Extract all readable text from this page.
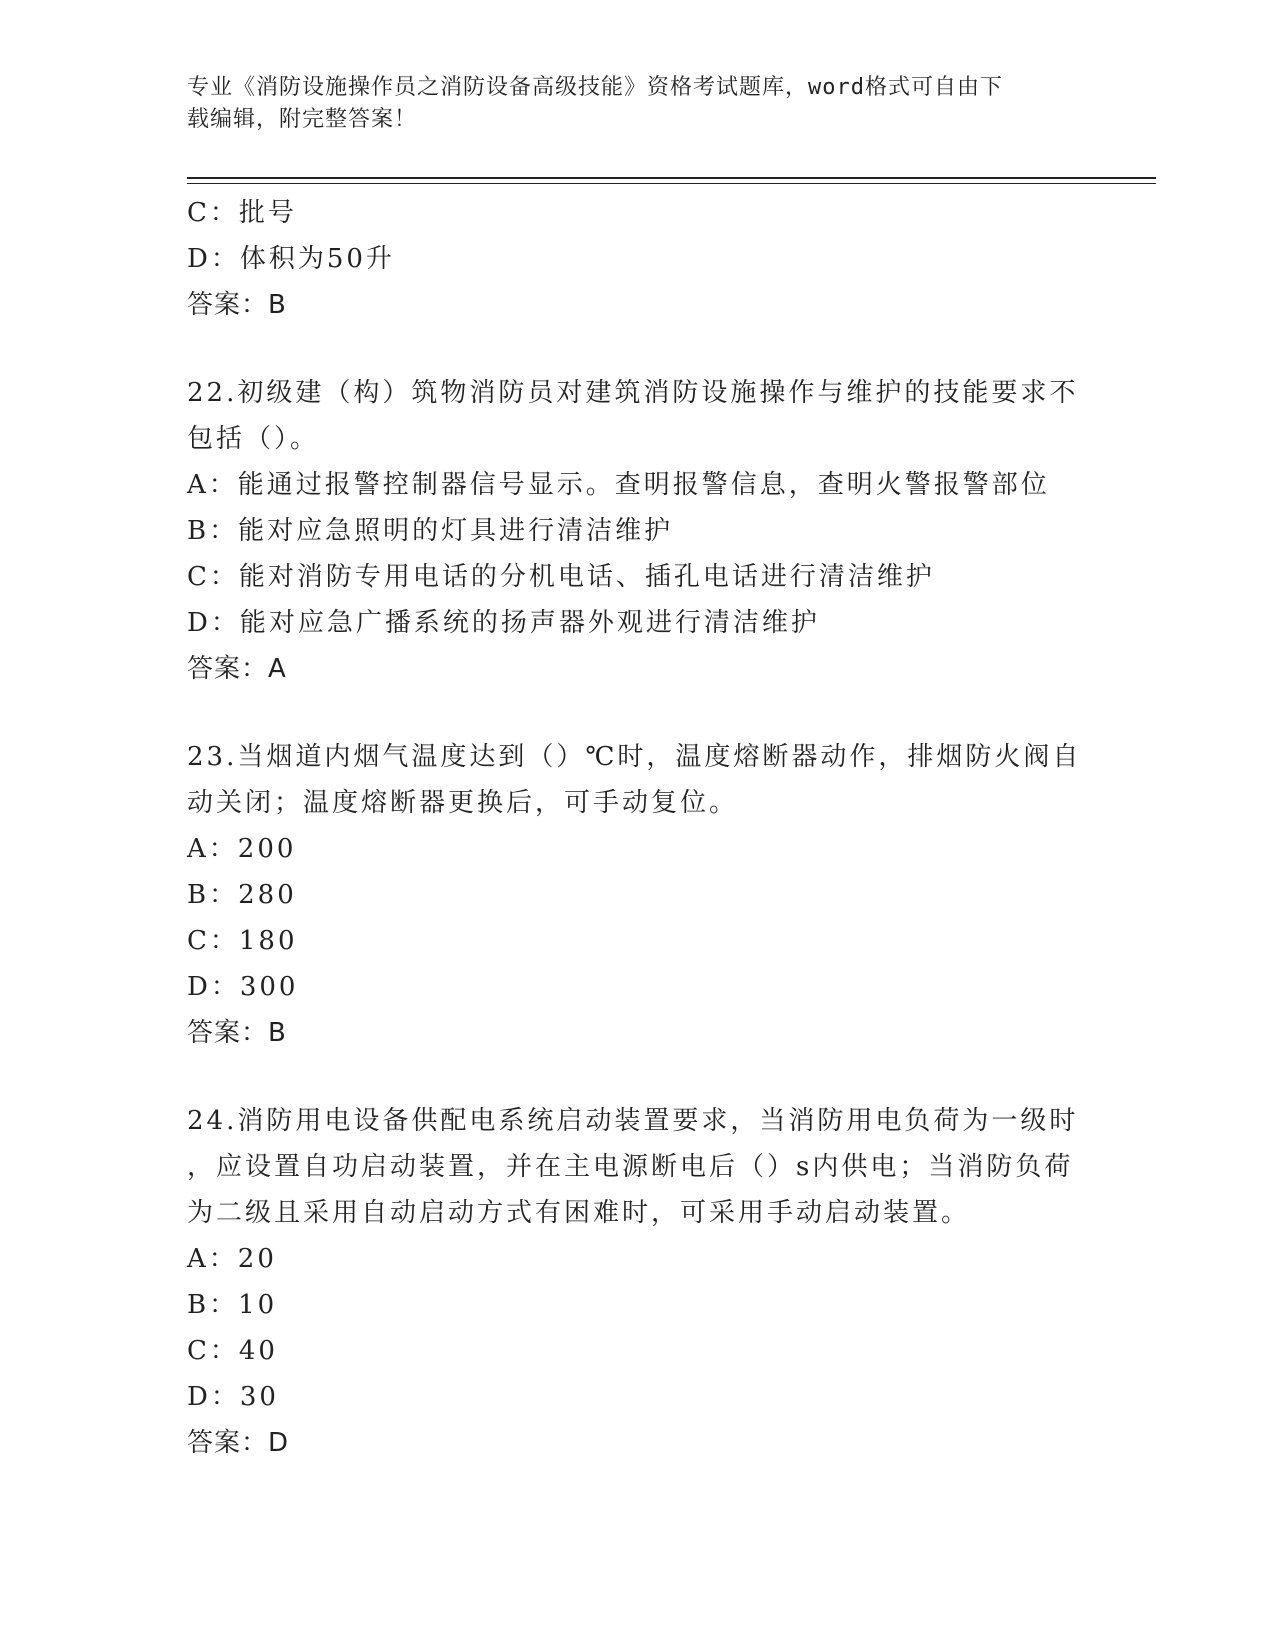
专业《消防设施操作员之消防设备高级技能》资格考试题库，word格式可自由下
载编辑，附完整答案！
C：批号
D：体积为50升
答案：B
22.初级建（构）筑物消防员对建筑消防设施操作与维护的技能要求不
包括（）。
A：能通过报警控制器信号显示。查明报警信息，查明火警报警部位
B：能对应急照明的灯具进行清洁维护
C：能对消防专用电话的分机电话、插孔电话进行清洁维护
D：能对应急广播系统的扬声器外观进行清洁维护
答案：A
23.当烟道内烟气温度达到（）℃时，温度熔断器动作，排烟防火阀自
动关闭；温度熔断器更换后，可手动复位。
A：200
B：280
C：180
D：300
答案：B
24.消防用电设备供配电系统启动装置要求，当消防用电负荷为一级时
，应设置自功启动装置，并在主电源断电后（）s内供电；当消防负荷
为二级且采用自动启动方式有困难时，可采用手动启动装置。
A：20
B：10
C：40
D：30
答案：D
